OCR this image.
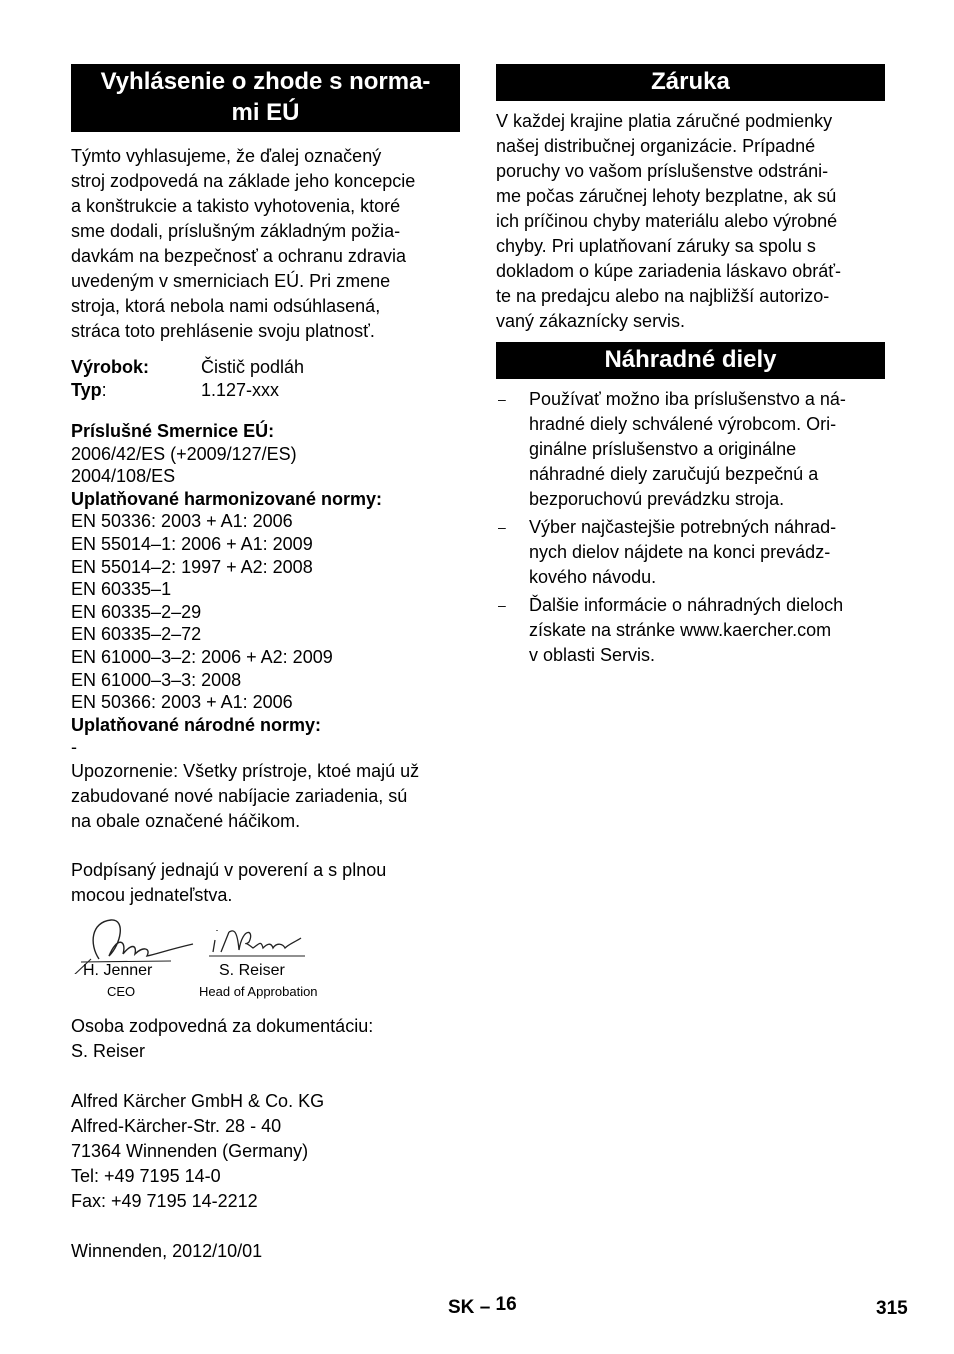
Vyhlásenie o zhode s norma-
mi EÚ
Týmto vyhlasujeme, že ďalej označený
stroj zodpovedá na základe jeho koncepcie
a konštrukcie a takisto vyhotovenia, ktoré
sme dodali, príslušným základným požia-
davkám na bezpečnosť a ochranu zdravia
uvedeným v smerniciach EÚ. Pri zmene
stroja, ktorá nebola nami odsúhlasená,
stráca toto prehlásenie svoju platnosť.
Výrobok:	Čistič podláh
Typ:	1.127-xxx
Príslušné Smernice EÚ:
2006/42/ES (+2009/127/ES)
2004/108/ES
Uplatňované harmonizované normy:
EN 50336: 2003 + A1: 2006
EN 55014–1: 2006 + A1: 2009
EN 55014–2: 1997 + A2: 2008
EN 60335–1
EN 60335–2–29
EN 60335–2–72
EN 61000–3–2: 2006 + A2: 2009
EN 61000–3–3: 2008
EN 50366: 2003 + A1: 2006
Uplatňované národné normy:
-
Upozornenie: Všetky prístroje, ktoé majú už
zabudované nové nabíjacie zariadenia, sú
na obale označené háčikom.
Podpísaný jednajú v poverení a s plnou
mocou jednateľstva.
H. Jenner
CEO
S. Reiser
Head of Approbation
Osoba zodpovedná za dokumentáciu:
S. Reiser
Alfred Kärcher GmbH & Co. KG
Alfred-Kärcher-Str. 28 - 40
71364 Winnenden (Germany)
Tel: +49 7195 14-0
Fax: +49 7195 14-2212
Winnenden, 2012/10/01
Záruka
V každej krajine platia záručné podmienky
našej distribučnej organizácie. Prípadné
poruchy vo vašom príslušenstve odstráni-
me počas záručnej lehoty bezplatne, ak sú
ich príčinou chyby materiálu alebo výrobné
chyby. Pri uplatňovaní záruky sa spolu s
dokladom o kúpe zariadenia láskavo obráť-
te na predajcu alebo na najbližší autorizo-
vaný zákaznícky servis.
Náhradné diely
– Používať možno iba príslušenstvo a ná-
hradné diely schválené výrobcom. Ori-
ginálne príslušenstvo a originálne
náhradné diely zaručujú bezpečnú a
bezporuchovú prevádzku stroja.
– Výber najčastejšie potrebných náhrad-
nych dielov nájdete na konci prevádz-
kového návodu.
– Ďalšie informácie o náhradných dieloch
získate na stránke www.kaercher.com
v oblasti Servis.
SK – 16	315
